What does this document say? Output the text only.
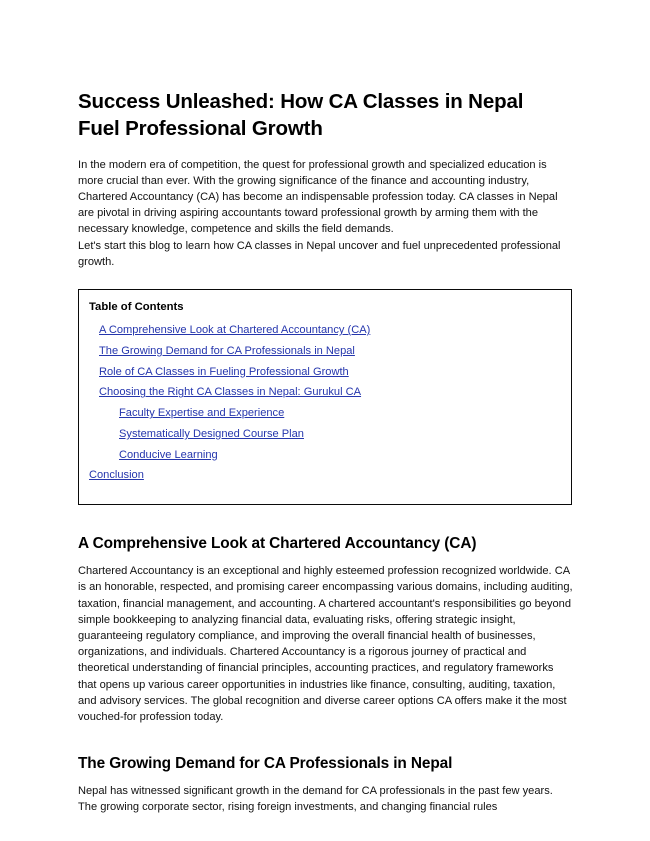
Success Unleashed: How CA Classes in Nepal Fuel Professional Growth

In the modern era of competition, the quest for professional growth and specialized education is more crucial than ever. With the growing significance of the finance and accounting industry, Chartered Accountancy (CA) has become an indispensable profession today. CA classes in Nepal are pivotal in driving aspiring accountants toward professional growth by arming them with the necessary knowledge, competence and skills the field demands.

Let's start this blog to learn how CA classes in Nepal uncover and fuel unprecedented professional growth.

Table of Contents
A Comprehensive Look at Chartered Accountancy (CA)
The Growing Demand for CA Professionals in Nepal
Role of CA Classes in Fueling Professional Growth
Choosing the Right CA Classes in Nepal: Gurukul CA
Faculty Expertise and Experience
Systematically Designed Course Plan
Conducive Learning
Conclusion
A Comprehensive Look at Chartered Accountancy (CA)

Chartered Accountancy is an exceptional and highly esteemed profession recognized worldwide. CA is an honorable, respected, and promising career encompassing various domains, including auditing, taxation, financial management, and accounting. A chartered accountant's responsibilities go beyond simple bookkeeping to analyzing financial data, evaluating risks, offering strategic insight, guaranteeing regulatory compliance, and improving the overall financial health of businesses, organizations, and individuals. Chartered Accountancy is a rigorous journey of practical and theoretical understanding of financial principles, accounting practices, and regulatory frameworks that opens up various career opportunities in industries like finance, consulting, auditing, taxation, and advisory services. The global recognition and diverse career options CA offers make it the most vouched-for profession today.

The Growing Demand for CA Professionals in Nepal

Nepal has witnessed significant growth in the demand for CA professionals in the past few years. The growing corporate sector, rising foreign investments, and changing financial rules
